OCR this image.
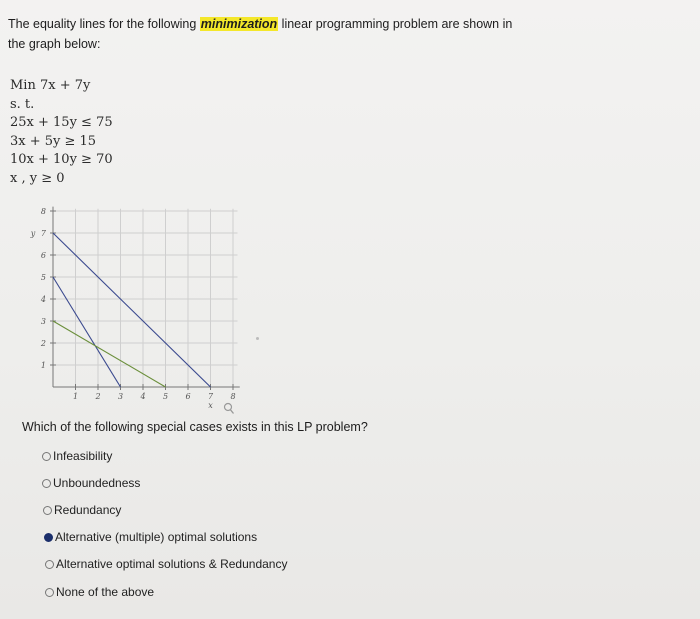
The equality lines for the following minimization linear programming problem are shown in the graph below:
Min 7x + 7y
s. t.
25x + 15y ≤ 75
3x + 5y ≥ 15
10x + 10y ≥ 70
x , y ≥ 0
1 2 3 4 5 6 7 8
1
2
3
4
5
6
7
8
x
y
Which of the following special cases exists in this LP problem?
Infeasibility
Unboundedness
Redundancy
Alternative (multiple) optimal solutions
Alternative optimal solutions & Redundancy
None of the above
